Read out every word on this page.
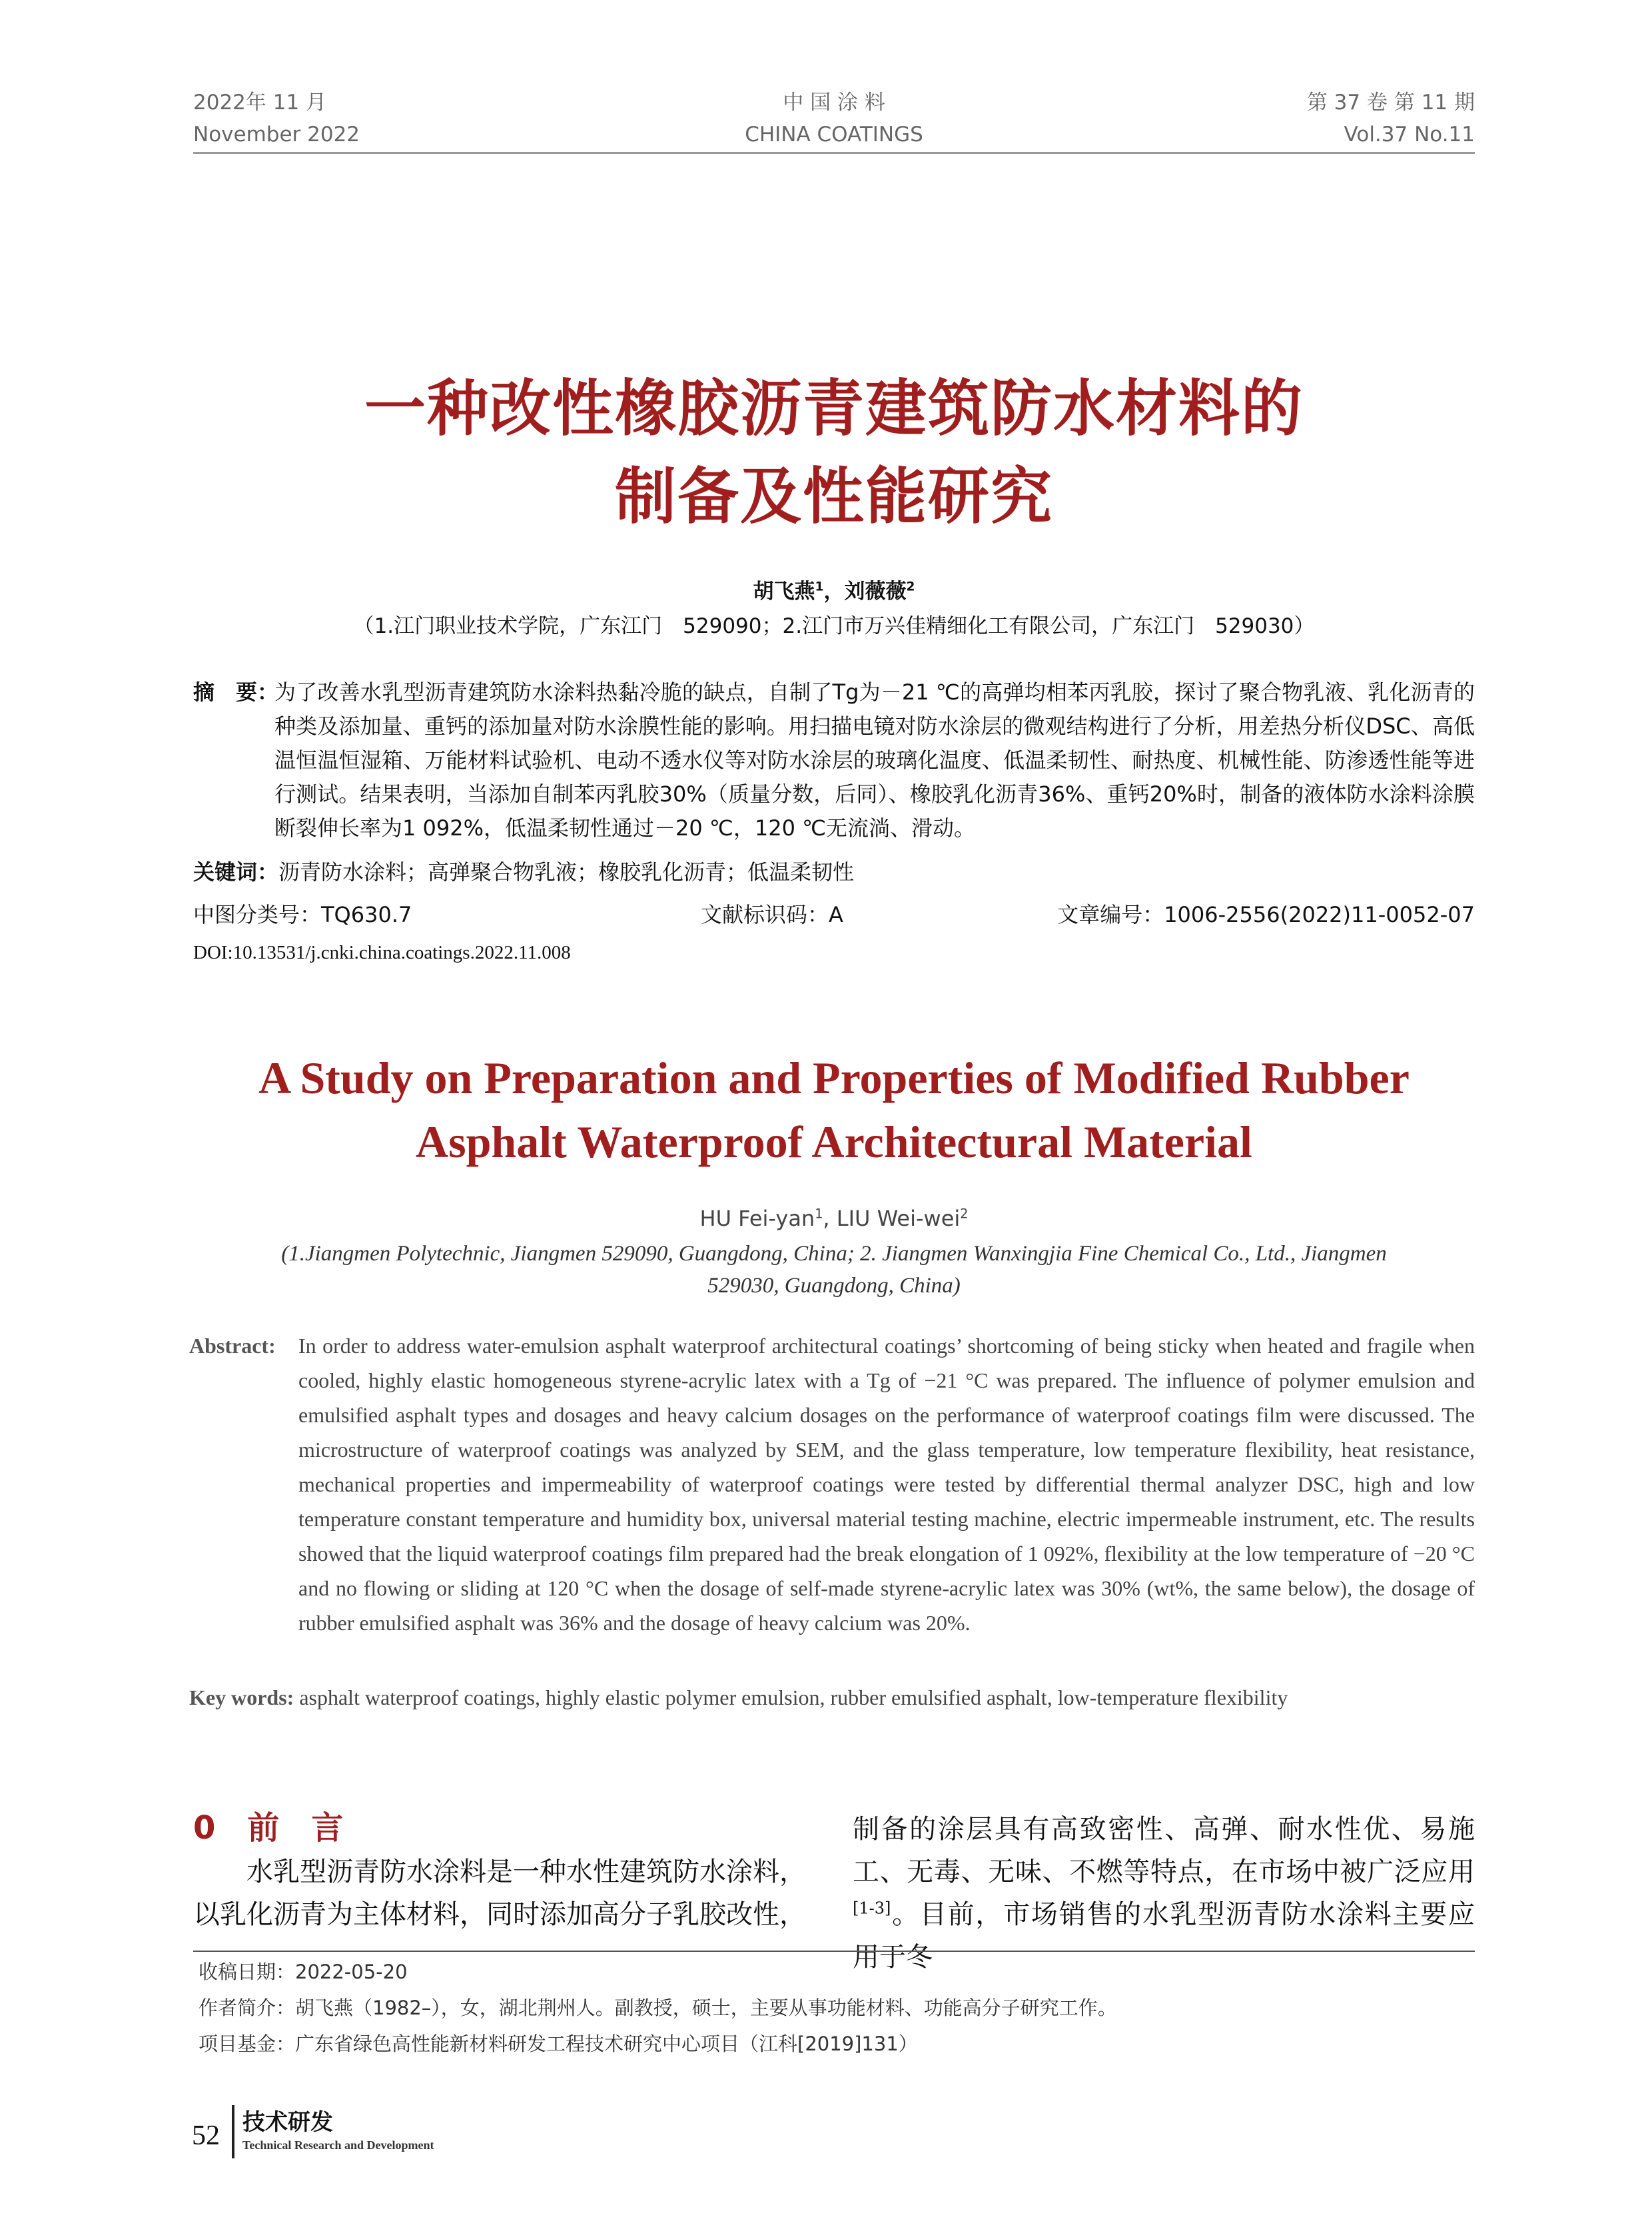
2022年 11 月
November 2022
中 国 涂 料
CHINA COATINGS
第 37 卷 第 11 期
Vol.37 No.11
一种改性橡胶沥青建筑防水材料的
制备及性能研究
胡飞燕$^1$，刘薇薇$^2$
（1.江门职业技术学院，广东江门　529090；2.江门市万兴佳精细化工有限公司，广东江门　529030）
摘　要：
为了改善水乳型沥青建筑防水涂料热黏冷脆的缺点，自制了Tg为－21 ℃的高弹均相苯丙乳胶，探讨了聚合物乳液、乳化沥青的种类及添加量、重钙的添加量对防水涂膜性能的影响。用扫描电镜对防水涂层的微观结构进行了分析，用差热分析仪DSC、高低温恒温恒湿箱、万能材料试验机、电动不透水仪等对防水涂层的玻璃化温度、低温柔韧性、耐热度、机械性能、防渗透性能等进行测试。结果表明，当添加自制苯丙乳胶30%（质量分数，后同）、橡胶乳化沥青36%、重钙20%时，制备的液体防水涂料涂膜断裂伸长率为1 092%，低温柔韧性通过－20 ℃，120 ℃无流淌、滑动。
关键词：沥青防水涂料；高弹聚合物乳液；橡胶乳化沥青；低温柔韧性
中图分类号：TQ630.7	文献标识码：A	文章编号：1006-2556(2022)11-0052-07
DOI:10.13531/j.cnki.china.coatings.2022.11.008
A Study on Preparation and Properties of Modified Rubber
Asphalt Waterproof Architectural Material
HU Fei-yan$^1$, LIU Wei-wei$^2$
(1.Jiangmen Polytechnic, Jiangmen 529090, Guangdong, China; 2. Jiangmen Wanxingjia Fine Chemical Co., Ltd., Jiangmen
529030, Guangdong, China)
Abstract: In order to address water-emulsion asphalt waterproof architectural coatings’ shortcoming of being sticky when heated and fragile when cooled, highly elastic homogeneous styrene-acrylic latex with a Tg of −21 °C was prepared. The influence of polymer emulsion and emulsified asphalt types and dosages and heavy calcium dosages on the performance of waterproof coatings film were discussed. The microstructure of waterproof coatings was analyzed by SEM, and the glass temperature, low temperature flexibility, heat resistance, mechanical properties and impermeability of waterproof coatings were tested by differential thermal analyzer DSC, high and low temperature constant temperature and humidity box, universal material testing machine, electric impermeable instrument, etc. The results showed that the liquid waterproof coatings film prepared had the break elongation of 1 092%, flexibility at the low temperature of −20 °C and no flowing or sliding at 120 °C when the dosage of self-made styrene-acrylic latex was 30% (wt%, the same below), the dosage of rubber emulsified asphalt was 36% and the dosage of heavy calcium was 20%.
Key words: asphalt waterproof coatings, highly elastic polymer emulsion, rubber emulsified asphalt, low-temperature flexibility
0　前　言
水乳型沥青防水涂料是一种水性建筑防水涂料，以乳化沥青为主体材料，同时添加高分子乳胶改性，
制备的涂层具有高致密性、高弹、耐水性优、易施工、无毒、无味、不燃等特点，在市场中被广泛应用[1-3]。目前，市场销售的水乳型沥青防水涂料主要应用于冬
收稿日期：2022-05-20
作者简介：胡飞燕（1982–），女，湖北荆州人。副教授，硕士，主要从事功能材料、功能高分子研究工作。
项目基金：广东省绿色高性能新材料研发工程技术研究中心项目（江科[2019]131）
52 技术研发
Technical Research and Development
